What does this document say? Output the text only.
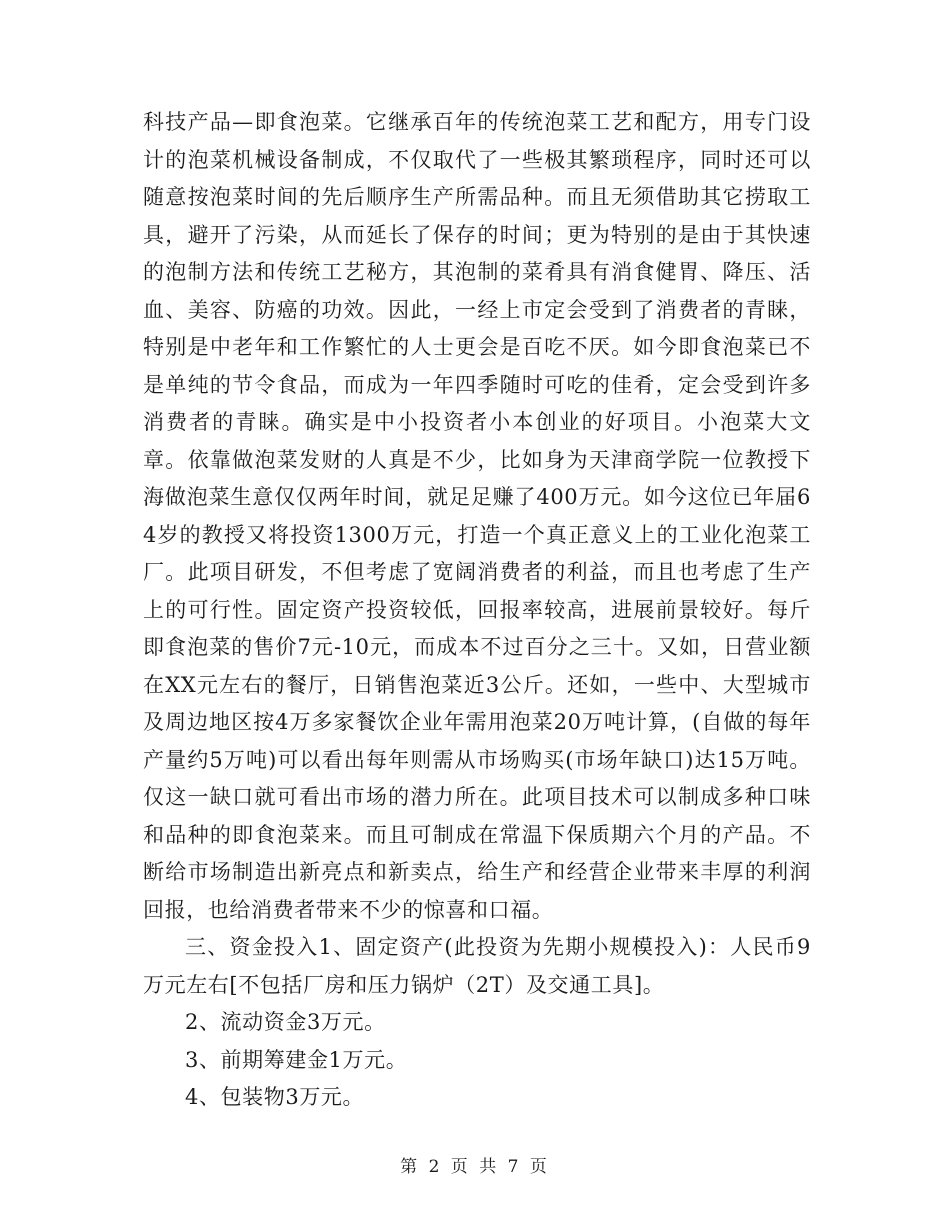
科技产品—即食泡菜。它继承百年的传统泡菜工艺和配方，用专门设计的泡菜机械设备制成，不仅取代了一些极其繁琐程序，同时还可以随意按泡菜时间的先后顺序生产所需品种。而且无须借助其它捞取工具，避开了污染，从而延长了保存的时间；更为特别的是由于其快速的泡制方法和传统工艺秘方，其泡制的菜肴具有消食健胃、降压、活血、美容、防癌的功效。因此，一经上市定会受到了消费者的青睐，特别是中老年和工作繁忙的人士更会是百吃不厌。如今即食泡菜已不是单纯的节令食品，而成为一年四季随时可吃的佳肴，定会受到许多消费者的青睐。确实是中小投资者小本创业的好项目。小泡菜大文章。依靠做泡菜发财的人真是不少，比如身为天津商学院一位教授下海做泡菜生意仅仅两年时间，就足足赚了400万元。如今这位已年届64岁的教授又将投资1300万元，打造一个真正意义上的工业化泡菜工厂。此项目研发，不但考虑了宽阔消费者的利益，而且也考虑了生产上的可行性。固定资产投资较低，回报率较高，进展前景较好。每斤即食泡菜的售价7元-10元，而成本不过百分之三十。又如，日营业额在XX元左右的餐厅，日销售泡菜近3公斤。还如，一些中、大型城市及周边地区按4万多家餐饮企业年需用泡菜20万吨计算，(自做的每年产量约5万吨)可以看出每年则需从市场购买(市场年缺口)达15万吨。仅这一缺口就可看出市场的潜力所在。此项目技术可以制成多种口味和品种的即食泡菜来。而且可制成在常温下保质期六个月的产品。不断给市场制造出新亮点和新卖点，给生产和经营企业带来丰厚的利润回报，也给消费者带来不少的惊喜和口福。

三、资金投入1、固定资产(此投资为先期小规模投入)：人民币9万元左右[不包括厂房和压力锅炉（2T）及交通工具]。

2、流动资金3万元。

3、前期筹建金1万元。

4、包装物3万元。

第 2 页 共 7 页
